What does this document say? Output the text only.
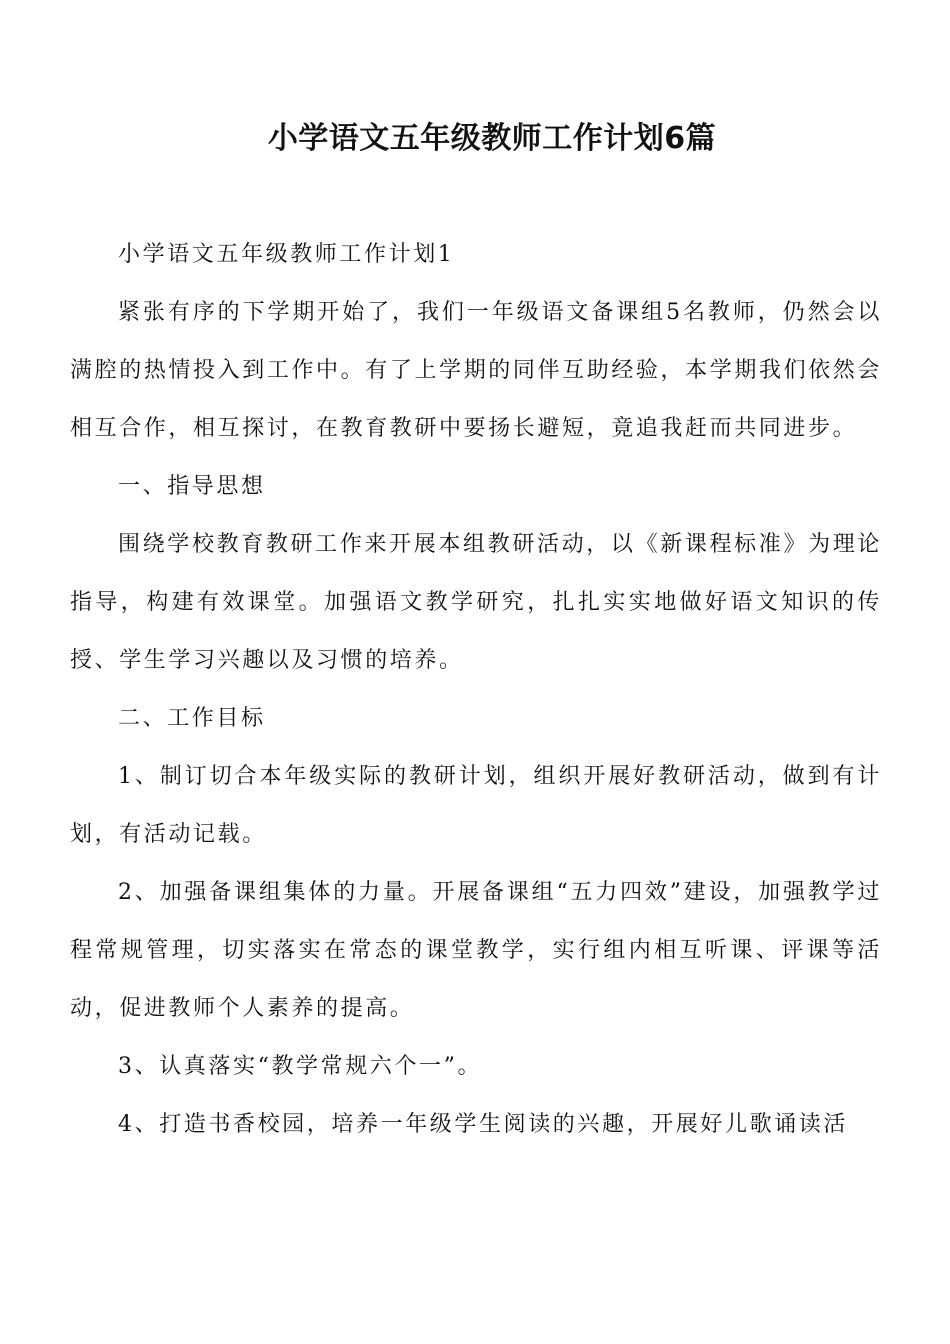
小学语文五年级教师工作计划6篇

小学语文五年级教师工作计划1

紧张有序的下学期开始了，我们一年级语文备课组5名教师，仍然会以满腔的热情投入到工作中。有了上学期的同伴互助经验，本学期我们依然会相互合作，相互探讨，在教育教研中要扬长避短，竟追我赶而共同进步。

一、指导思想

围绕学校教育教研工作来开展本组教研活动，以《新课程标准》为理论指导，构建有效课堂。加强语文教学研究，扎扎实实地做好语文知识的传授、学生学习兴趣以及习惯的培养。

二、工作目标

1、制订切合本年级实际的教研计划，组织开展好教研活动，做到有计划，有活动记载。

2、加强备课组集体的力量。开展备课组“五力四效”建设，加强教学过程常规管理，切实落实在常态的课堂教学，实行组内相互听课、评课等活动，促进教师个人素养的提高。

3、认真落实“教学常规六个一”。

4、打造书香校园，培养一年级学生阅读的兴趣，开展好儿歌诵读活
